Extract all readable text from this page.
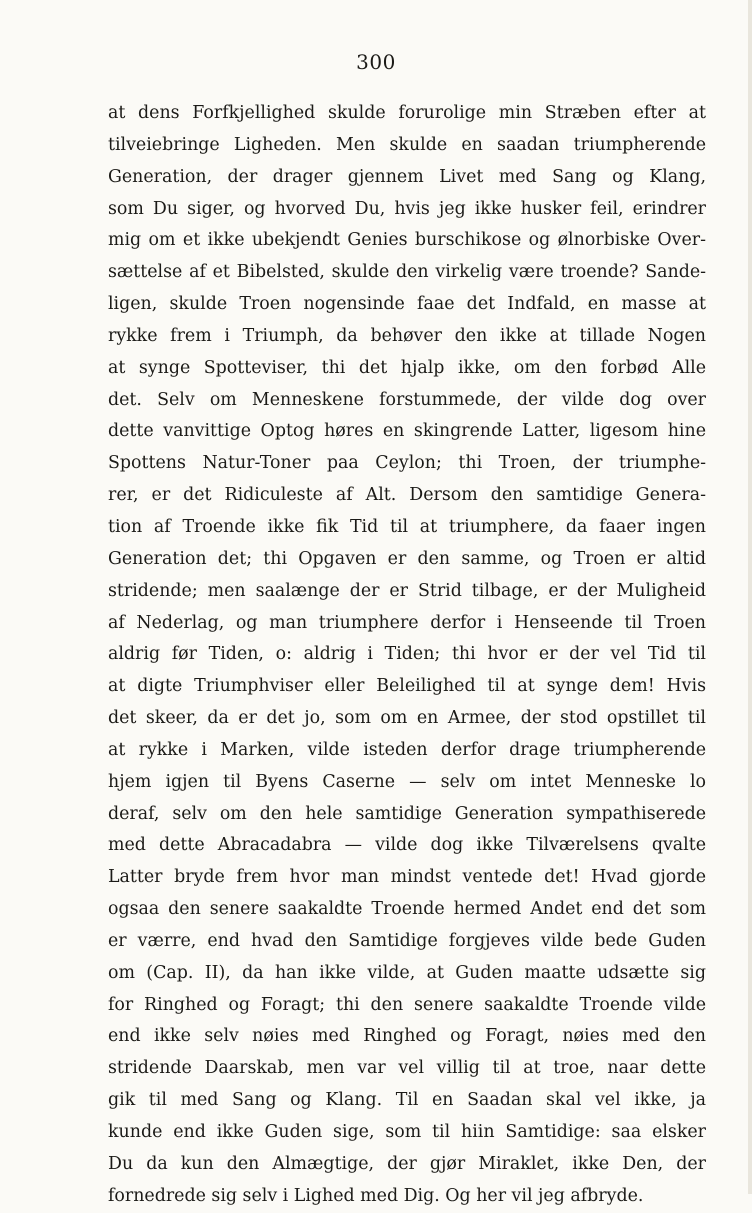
300

at dens Forfkjellighed skulde forurolige min Stræben efter at
tilveiebringe Ligheden. Men skulde en saadan triumpherende
Generation, der drager gjennem Livet med Sang og Klang,
som Du siger, og hvorved Du, hvis jeg ikke husker feil, erindrer
mig om et ikke ubekjendt Genies burschikose og ølnorbiske Over-
sættelse af et Bibelsted, skulde den virkelig være troende? Sande-
ligen, skulde Troen nogensinde faae det Indfald, en masse at
rykke frem i Triumph, da behøver den ikke at tillade Nogen
at synge Spotteviser, thi det hjalp ikke, om den forbød Alle
det. Selv om Menneskene forstummede, der vilde dog over
dette vanvittige Optog høres en skingrende Latter, ligesom hine
Spottens Natur-Toner paa Ceylon; thi Troen, der triumphe-
rer, er det Ridiculeste af Alt. Dersom den samtidige Genera-
tion af Troende ikke fik Tid til at triumphere, da faaer ingen
Generation det; thi Opgaven er den samme, og Troen er altid
stridende; men saalænge der er Strid tilbage, er der Muligheid
af Nederlag, og man triumphere derfor i Henseende til Troen
aldrig før Tiden, o: aldrig i Tiden; thi hvor er der vel Tid til
at digte Triumphviser eller Beleilighed til at synge dem! Hvis
det skeer, da er det jo, som om en Armee, der stod opstillet til
at rykke i Marken, vilde isteden derfor drage triumpherende
hjem igjen til Byens Caserne — selv om intet Menneske lo
deraf, selv om den hele samtidige Generation sympathiserede
med dette Abracadabra — vilde dog ikke Tilværelsens qvalte
Latter bryde frem hvor man mindst ventede det! Hvad gjorde
ogsaa den senere saakaldte Troende hermed Andet end det som
er værre, end hvad den Samtidige forgjeves vilde bede Guden
om (Cap. II), da han ikke vilde, at Guden maatte udsætte sig
for Ringhed og Foragt; thi den senere saakaldte Troende vilde
end ikke selv nøies med Ringhed og Foragt, nøies med den
stridende Daarskab, men var vel villig til at troe, naar dette
gik til med Sang og Klang. Til en Saadan skal vel ikke, ja
kunde end ikke Guden sige, som til hiin Samtidige: saa elsker
Du da kun den Almægtige, der gjør Miraklet, ikke Den, der
fornedrede sig selv i Lighed med Dig. Og her vil jeg afbryde.
